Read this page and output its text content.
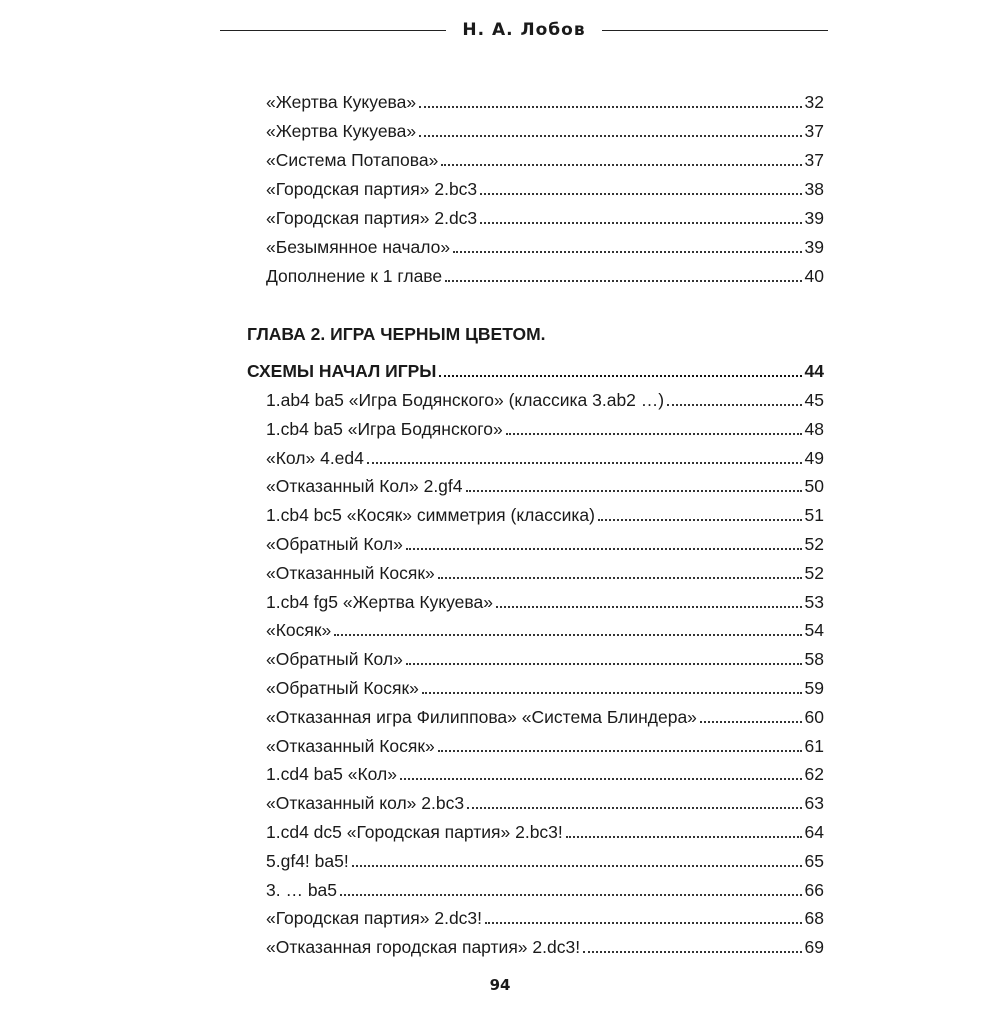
Н. А. Лобов
ГЛАВА 2. ИГРА ЧЕРНЫМ ЦВЕТОМ.
СХЕМЫ НАЧАЛ ИГРЫ	44
«Жертва Кукуева»	32
«Жертва Кукуева»	37
«Система Потапова»	37
«Городская партия» 2.bc3	38
«Городская партия» 2.dc3	39
«Безымянное начало»	39
Дополнение к 1 главе	40
1.ab4 ba5 «Игра Бодянского» (классика 3.ab2 …)	45
1.cb4 ba5 «Игра Бодянского»	48
«Кол» 4.ed4	49
«Отказанный Кол» 2.gf4	50
1.cb4 bc5 «Косяк» симметрия (классика)	51
«Обратный Кол»	52
«Отказанный Косяк»	52
1.cb4 fg5 «Жертва Кукуева»	53
«Косяк»	54
«Обратный Кол»	58
«Обратный Косяк»	59
«Отказанная игра Филиппова» «Система Блиндера»	60
«Отказанный Косяк»	61
1.cd4 ba5 «Кол»	62
«Отказанный кол» 2.bc3	63
1.cd4 dc5 «Городская партия» 2.bc3!	64
5.gf4! ba5!	65
3. … ba5	66
«Городская партия» 2.dc3!	68
«Отказанная городская партия» 2.dc3!	69
94
